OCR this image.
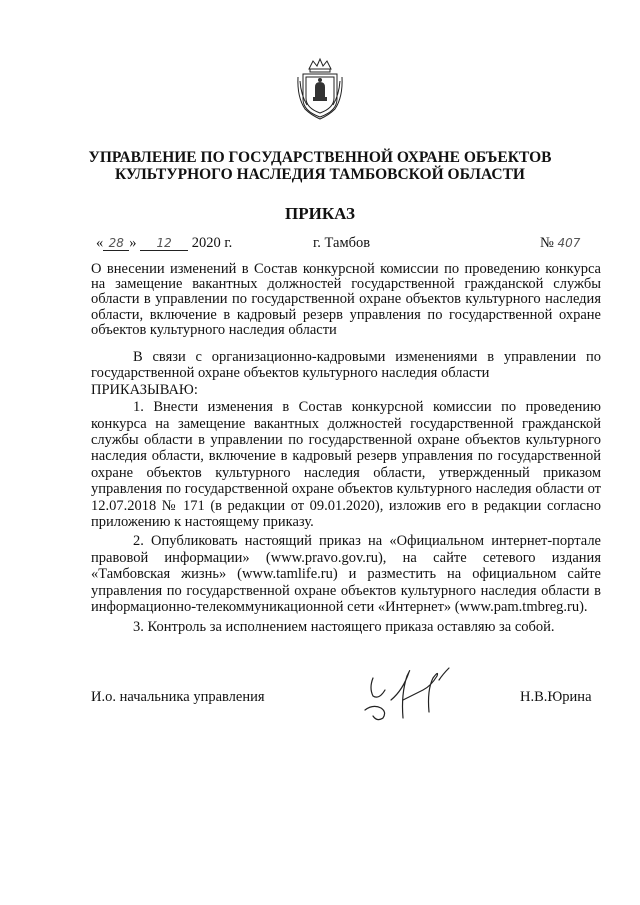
УПРАВЛЕНИЕ ПО ГОСУДАРСТВЕННОЙ ОХРАНЕ ОБЪЕКТОВ
КУЛЬТУРНОГО НАСЛЕДИЯ ТАМБОВСКОЙ ОБЛАСТИ
ПРИКАЗ
« 28 » 12 2020 г.	г. Тамбов	№ 407
О внесении изменений в Состав конкурсной комиссии по проведению конкурса на замещение вакантных должностей государственной гражданской службы области в управлении по государственной охране объектов культурного наследия области, включение в кадровый резерв управления по государственной охране объектов культурного наследия области

В связи с организационно-кадровыми изменениями в управлении по государственной охране объектов культурного наследия области

ПРИКАЗЫВАЮ:

1. Внести изменения в Состав конкурсной комиссии по проведению конкурса на замещение вакантных должностей государственной гражданской службы области в управлении по государственной охране объектов культурного наследия области, включение в кадровый резерв управления по государственной охране объектов культурного наследия области, утвержденный приказом управления по государственной охране объектов культурного наследия области от 12.07.2018 № 171 (в редакции от 09.01.2020), изложив его в редакции согласно приложению к настоящему приказу.

2. Опубликовать настоящий приказ на «Официальном интернет-портале правовой информации» (www.pravo.gov.ru), на сайте сетевого издания «Тамбовская жизнь» (www.tamlife.ru) и разместить на официальном сайте управления по государственной охране объектов культурного наследия области в информационно-телекоммуникационной сети «Интернет» (www.pam.tmbreg.ru).

3. Контроль за исполнением настоящего приказа оставляю за собой.

И.о. начальника управления	Н.В.Юрина
